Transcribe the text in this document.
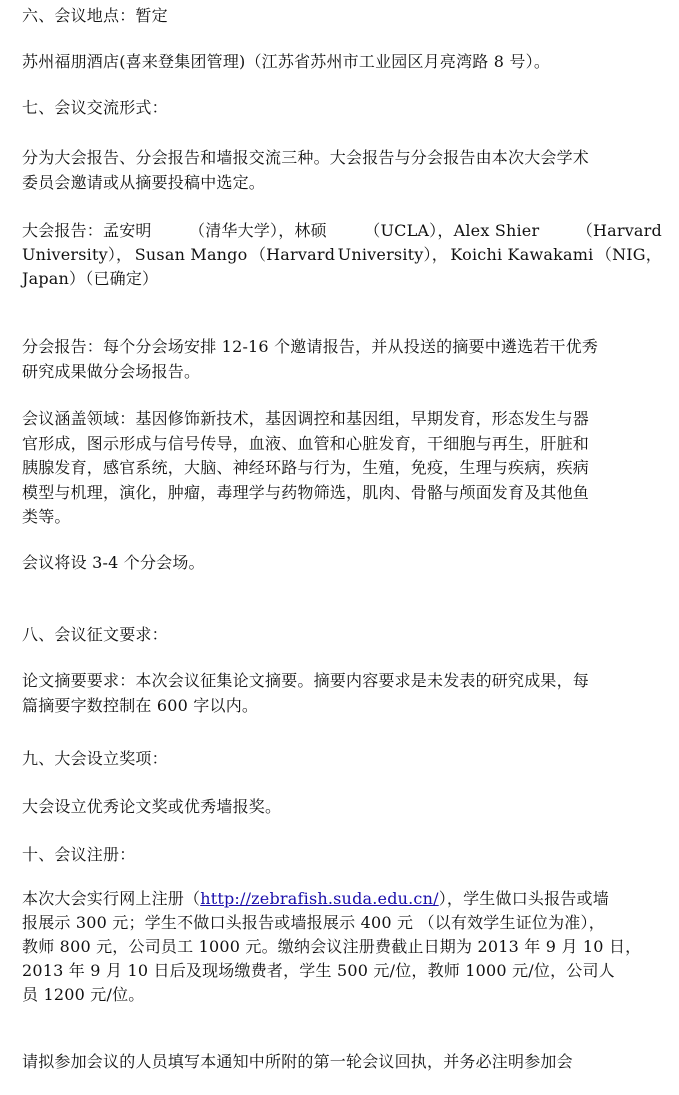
六、会议地点：暂定
苏州福朋酒店(喜来登集团管理)（江苏省苏州市工业园区月亮湾路 8 号）。
七、会议交流形式：
分为大会报告、分会报告和墙报交流三种。大会报告与分会报告由本次大会学术
委员会邀请或从摘要投稿中选定。
大会报告：孟安明 （清华大学），林硕 （UCLA），Alex Shier （Harvard
University）， Susan Mango （Harvard University）， Koichi Kawakami （NIG，
Japan）（已确定）
分会报告：每个分会场安排 12-16 个邀请报告，并从投送的摘要中遴选若干优秀
研究成果做分会场报告。
会议涵盖领域：基因修饰新技术，基因调控和基因组，早期发育，形态发生与器
官形成，图示形成与信号传导，血液、血管和心脏发育，干细胞与再生，肝脏和
胰腺发育，感官系统，大脑、神经环路与行为，生殖，免疫，生理与疾病，疾病
模型与机理，演化，肿瘤，毒理学与药物筛选，肌肉、骨骼与颅面发育及其他鱼
类等。
会议将设 3-4 个分会场。
八、会议征文要求：
论文摘要要求：本次会议征集论文摘要。摘要内容要求是未发表的研究成果，每
篇摘要字数控制在 600 字以内。
九、大会设立奖项：
大会设立优秀论文奖或优秀墙报奖。
十、会议注册：
本次大会实行网上注册（http://zebrafish.suda.edu.cn/），学生做口头报告或墙
报展示 300 元；学生不做口头报告或墙报展示 400 元 （以有效学生证位为准），
教师 800 元，公司员工 1000 元。缴纳会议注册费截止日期为 2013 年 9 月 10 日，
2013 年 9 月 10 日后及现场缴费者，学生 500 元/位，教师 1000 元/位，公司人
员 1200 元/位。
请拟参加会议的人员填写本通知中所附的第一轮会议回执，并务必注明参加会
